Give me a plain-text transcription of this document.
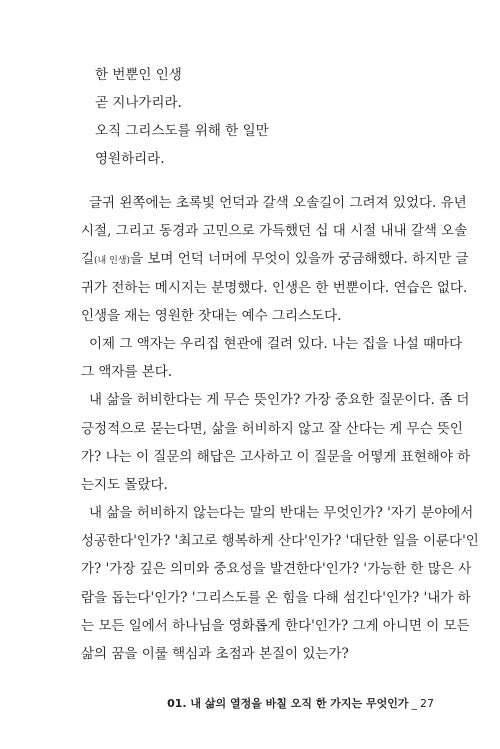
한 번뿐인 인생
곧 지나가리라.
오직 그리스도를 위해 한 일만
영원하리라.
글귀 왼쪽에는 초록빛 언덕과 갈색 오솔길이 그려져 있었다. 유년
시절, 그리고 동경과 고민으로 가득했던 십 대 시절 내내 갈색 오솔
길(내 인생)을 보며 언덕 너머에 무엇이 있을까 궁금해했다. 하지만 글
귀가 전하는 메시지는 분명했다. 인생은 한 번뿐이다. 연습은 없다.
인생을 재는 영원한 잣대는 예수 그리스도다.
이제 그 액자는 우리집 현관에 걸려 있다. 나는 집을 나설 때마다
그 액자를 본다.
내 삶을 허비한다는 게 무슨 뜻인가? 가장 중요한 질문이다. 좀 더
긍정적으로 묻는다면, 삶을 허비하지 않고 잘 산다는 게 무슨 뜻인
가? 나는 이 질문의 해답은 고사하고 이 질문을 어떻게 표현해야 하
는지도 몰랐다.
내 삶을 허비하지 않는다는 말의 반대는 무엇인가? '자기 분야에서
성공한다'인가? '최고로 행복하게 산다'인가? '대단한 일을 이룬다'인
가? '가장 깊은 의미와 중요성을 발견한다'인가? '가능한 한 많은 사
람을 돕는다'인가? '그리스도를 온 힘을 다해 섬긴다'인가? '내가 하
는 모든 일에서 하나님을 영화롭게 한다'인가? 그게 아니면 이 모든
삶의 꿈을 이룰 핵심과 초점과 본질이 있는가?
01. 내 삶의 열정을 바칠 오직 한 가지는 무엇인가 _ 27
